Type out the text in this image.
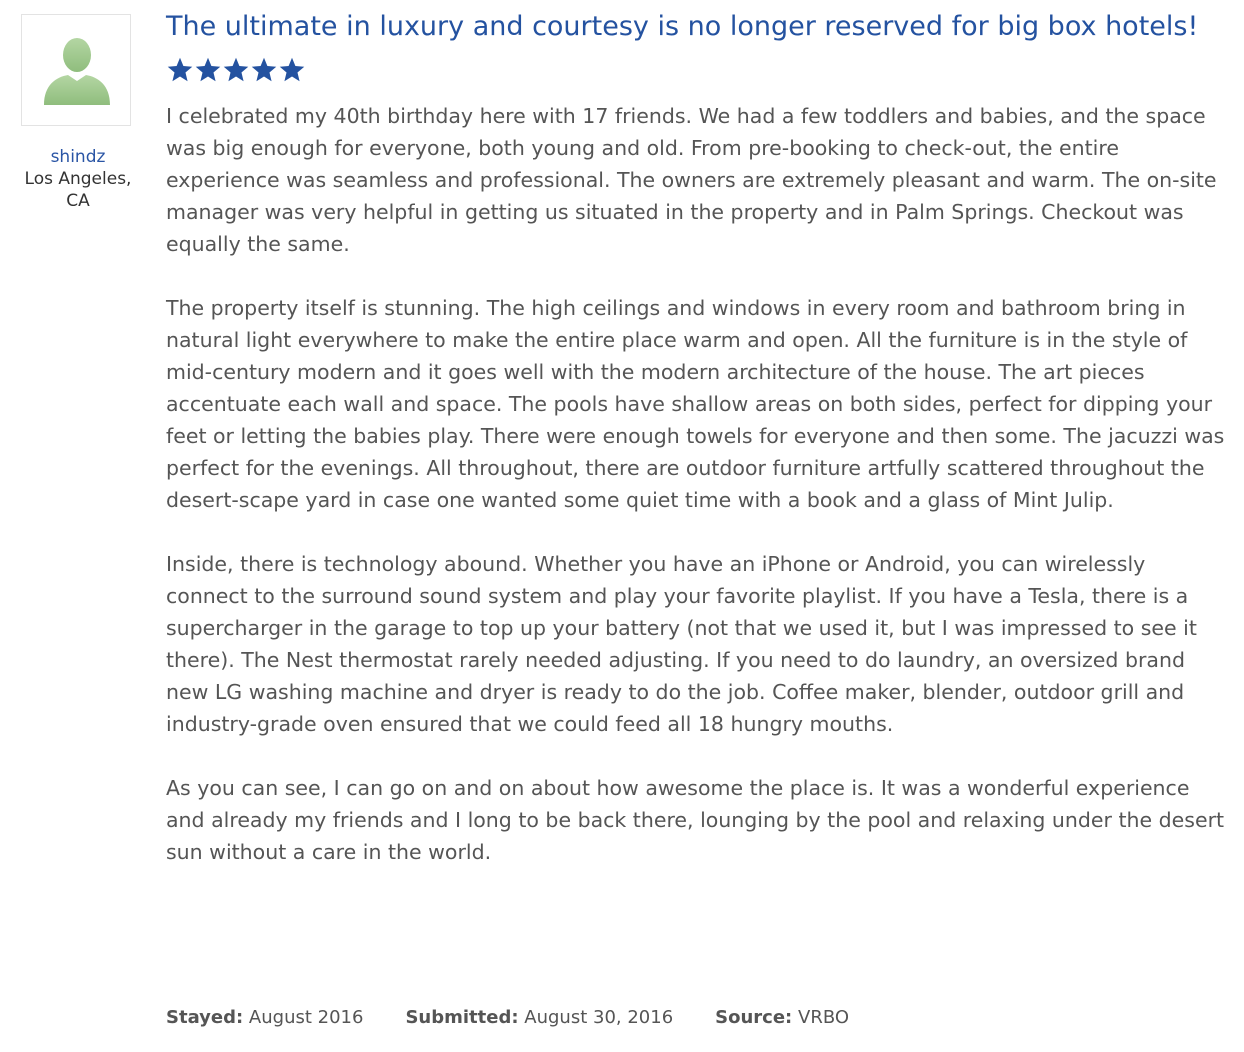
shindz
Los Angeles, CA
The ultimate in luxury and courtesy is no longer reserved for big box hotels!

I celebrated my 40th birthday here with 17 friends. We had a few toddlers and babies, and the space was big enough for everyone, both young and old. From pre-booking to check-out, the entire experience was seamless and professional. The owners are extremely pleasant and warm. The on-site manager was very helpful in getting us situated in the property and in Palm Springs. Checkout was equally the same.

The property itself is stunning. The high ceilings and windows in every room and bathroom bring in natural light everywhere to make the entire place warm and open. All the furniture is in the style of mid-century modern and it goes well with the modern architecture of the house. The art pieces accentuate each wall and space. The pools have shallow areas on both sides, perfect for dipping your feet or letting the babies play. There were enough towels for everyone and then some. The jacuzzi was perfect for the evenings. All throughout, there are outdoor furniture artfully scattered throughout the desert-scape yard in case one wanted some quiet time with a book and a glass of Mint Julip.

Inside, there is technology abound. Whether you have an iPhone or Android, you can wirelessly connect to the surround sound system and play your favorite playlist. If you have a Tesla, there is a supercharger in the garage to top up your battery (not that we used it, but I was impressed to see it there). The Nest thermostat rarely needed adjusting. If you need to do laundry, an oversized brand new LG washing machine and dryer is ready to do the job. Coffee maker, blender, outdoor grill and industry-grade oven ensured that we could feed all 18 hungry mouths.

As you can see, I can go on and on about how awesome the place is. It was a wonderful experience and already my friends and I long to be back there, lounging by the pool and relaxing under the desert sun without a care in the world.

Stayed: August 2016 Submitted: August 30, 2016 Source: VRBO
